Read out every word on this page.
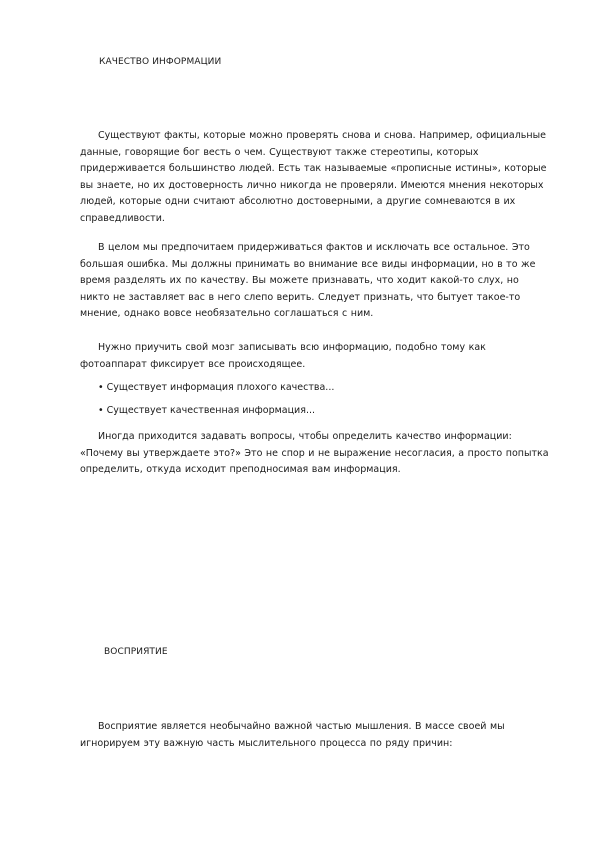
КАЧЕСТВО ИНФОРМАЦИИ

Существуют факты, которые можно проверять снова и снова. Например, официальные данные, говорящие бог весть о чем. Существуют также стереотипы, которых придерживается большинство людей. Есть так называемые «прописные истины», которые вы знаете, но их достоверность лично никогда не проверяли. Имеются мнения некоторых людей, которые одни считают абсолютно достоверными, а другие сомневаются в их справедливости.

В целом мы предпочитаем придерживаться фактов и исключать все остальное. Это большая ошибка. Мы должны принимать во внимание все виды информации, но в то же время разделять их по качеству. Вы можете признавать, что ходит какой-то слух, но никто не заставляет вас в него слепо верить. Следует признать, что бытует такое-то мнение, однако вовсе необязательно соглашаться с ним.

Нужно приучить свой мозг записывать всю информацию, подобно тому как фотоаппарат фиксирует все происходящее.

• Существует информация плохого качества...
• Существует качественная информация...

Иногда приходится задавать вопросы, чтобы определить качество информации: «Почему вы утверждаете это?» Это не спор и не выражение несогласия, а просто попытка определить, откуда исходит преподносимая вам информация.

ВОСПРИЯТИЕ

Восприятие является необычайно важной частью мышления. В массе своей мы игнорируем эту важную часть мыслительного процесса по ряду причин:
